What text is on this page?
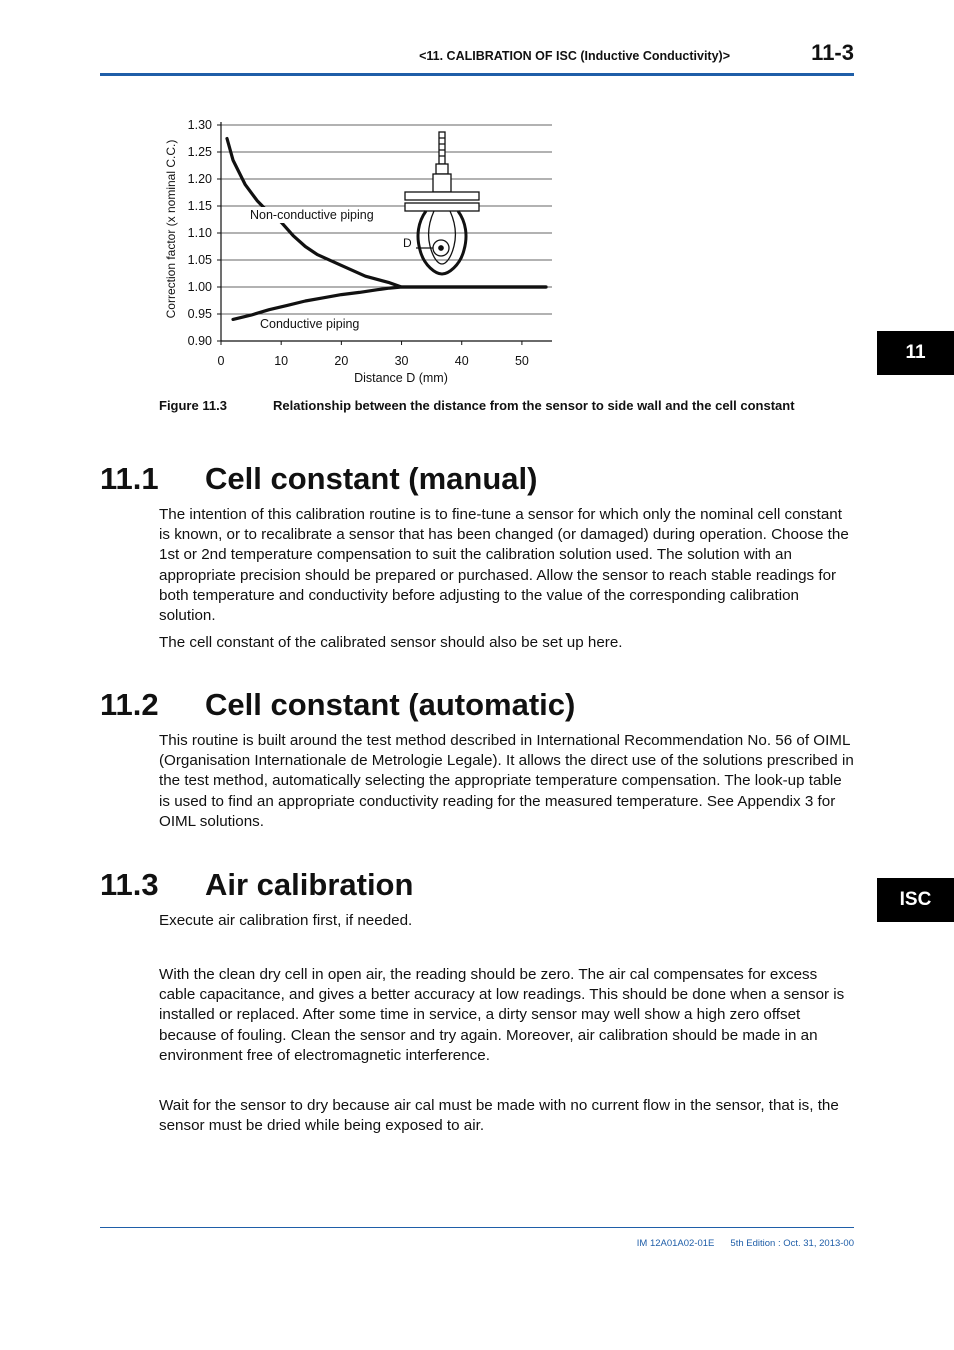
<11. CALIBRATION OF ISC (Inductive Conductivity)>	11-3
11
ISC
0.90
0.95
1.00
1.05
1.10
1.15
1.20
1.25
1.30
0	10	20	30	40	50
D
Non-conductive piping
Conductive piping
Distance D (mm)
Correction factor (x nominal C.C.)
Figure 11.3	Relationship between the distance from the sensor to side wall and the cell constant
11.1 Cell constant (manual)

The intention of this calibration routine is to fine-tune a sensor for which only the nominal cell constant is known, or to recalibrate a sensor that has been changed (or damaged) during operation. Choose the 1st or 2nd temperature compensation to suit the calibration solution used. The solution with an appropriate precision should be prepared or purchased. Allow the sensor to reach stable readings for both temperature and conductivity before adjusting to the value of the corresponding calibration solution.

The cell constant of the calibrated sensor should also be set up here.

11.2 Cell constant (automatic)

This routine is built around the test method described in International Recommendation No. 56 of OIML (Organisation Internationale de Metrologie Legale). It allows the direct use of the solutions prescribed in the test method, automatically selecting the appropriate temperature compensation. The look-up table is used to find an appropriate conductivity reading for the measured temperature. See Appendix 3 for OIML solutions.

11.3 Air calibration

Execute air calibration first, if needed.

With the clean dry cell in open air, the reading should be zero. The air cal compensates for excess cable capacitance, and gives a better accuracy at low readings. This should be done when a sensor is installed or replaced. After some time in service, a dirty sensor may well show a high zero offset because of fouling. Clean the sensor and try again. Moreover, air calibration should be made in an environment free of electromagnetic interference.

Wait for the sensor to dry because air cal must be made with no current flow in the sensor, that is, the sensor must be dried while being exposed to air.

IM 12A01A02-01E 5th Edition : Oct. 31, 2013-00
